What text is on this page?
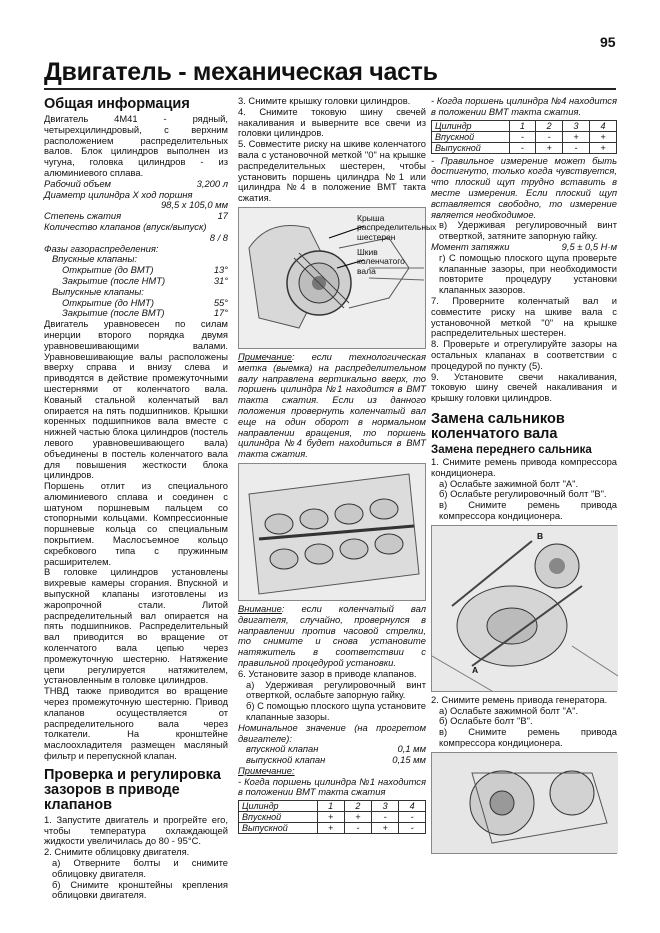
95
Двигатель - механическая часть
Общая информация

Двигатель 4М41 - рядный, четырехцилиндровый, с верхним расположением распределительных валов. Блок цилиндров выполнен из чугуна, головка цилиндров - из алюминиевого сплава.

Рабочий объем	3,200 л
Диаметр цилиндра X ход поршня
98,5 х 105,0 мм
Степень сжатия	17
Количество клапанов (впуск/выпуск)
8 / 8
Фазы газораспределения:
Впускные клапаны:
Открытие (до ВМТ)	13°
Закрытие (после НМТ)	31°
Выпускные клапаны:
Открытие (до НМТ)	55°
Закрытие (после ВМТ)	17°

Двигатель уравновесен по силам инерции второго порядка двумя уравновешивающими валами. Уравновешивающие валы расположены вверху справа и внизу слева и приводятся в действие промежуточными шестернями от коленчатого вала. Кованый стальной коленчатый вал опирается на пять подшипников. Крышки коренных подшипников вала вместе с нижней частью блока цилиндров (постель левого уравновешивающего вала) объединены в постель коленчатого вала для повышения жесткости блока цилиндров.

Поршень отлит из специального алюминиевого сплава и соединен с шатуном поршневым пальцем со стопорными кольцами. Компрессионные поршневые кольца со специальным покрытием. Маслосъемное кольцо скребкового типа с пружинным расширителем.

В головке цилиндров установлены вихревые камеры сгорания. Впускной и выпускной клапаны изготовлены из жаропрочной стали. Литой распределительный вал опирается на пять подшипников. Распределительный вал приводится во вращение от коленчатого вала цепью через промежуточную шестерню. Натяжение цепи регулируется натяжителем, установленным в головке цилиндров.

ТНВД также приводится во вращение через промежуточную шестерню. Привод клапанов осуществляется от распределительного вала через толкатели. На кронштейне маслоохладителя размещен масляный фильтр и перепускной клапан.

Проверка и регулировка зазоров в приводе клапанов

1. Запустите двигатель и прогрейте его, чтобы температура охлаждающей жидкости увеличилась до 80 - 95°С.

2. Снимите облицовку двигателя.

а) Отверните болты и снимите облицовку двигателя.

б) Снимите кронштейны крепления облицовки двигателя.

3. Снимите крышку головки цилиндров.

4. Снимите токовую шину свечей накаливания и выверните все свечи из головки цилиндров.

5. Совместите риску на шкиве коленчатого вала с установочной меткой "0" на крышке распределительных шестерен, чтобы установить поршень цилиндра №1 или цилиндра №4 в положение ВМТ такта сжатия.

Крыша распределительных шестерен
Шкив коленчатого вала

Примечание: если технологическая метка (выемка) на распределительном валу направлена вертикально вверх, то поршень цилиндра №1 находится в ВМТ такта сжатия. Если из данного положения провернуть коленчатый вал еще на один оборот в нормальном направлении вращения, то поршень цилиндра №4 будет находиться в ВМТ такта сжатия.

Внимание: если коленчатый вал двигателя, случайно, провернулся в направлении против часовой стрелки, то снимите и снова установите натяжитель в соответствии с правильной процедурой установки.

6. Установите зазор в приводе клапанов.

а) Удерживая регулировочный винт отверткой, ослабьте запорную гайку.

б) С помощью плоского щупа установите клапанные зазоры.

Номинальное значение (на прогретом двигателе):

впускной клапан	0,1 мм
выпускной клапан	0,15 мм

Примечание:

- Когда поршень цилиндра №1 находится в положении ВМТ такта сжатия

Цилиндр	1	2	3	4
Впускной	+	+	-	-
Выпускной	+	-	+	-

- Когда поршень цилиндра №4 находится в положении ВМТ такта сжатия.

Цилиндр	1	2	3	4
Впускной	-	-	+	+
Выпускной	-	+	-	+

- Правильное измерение может быть достигнуто, только когда чувствуется, что плоский щуп трудно вставить в месте измерения. Если плоский щуп вставляется свободно, то измерение является необходимое.

в) Удерживая регулировочный винт отверткой, затяните запорную гайку.

Момент затяжки	9,5 ± 0,5 Н·м

г) С помощью плоского щупа проверьте клапанные зазоры, при необходимости повторите процедуру установки клапанных зазоров.

7. Проверните коленчатый вал и совместите риску на шкиве вала с установочной меткой "0" на крышке распределительных шестерен.

8. Проверьте и отрегулируйте зазоры на остальных клапанах в соответствии с процедурой по пункту (5).

9. Установите свечи накаливания, токовую шину свечей накаливания и крышку головки цилиндров.

Замена сальников коленчатого вала
Замена переднего сальника

1. Снимите ремень привода компрессора кондиционера.

а) Ослабьте зажимной болт "А".

б) Ослабьте регулировочный болт "В".

в) Снимите ремень привода компрессора кондиционера.

B
A

2. Снимите ремень привода генератора.

а) Ослабьте зажимной болт "А".

б) Ослабьте болт "В".

в) Снимите ремень привода компрессора кондиционера.
